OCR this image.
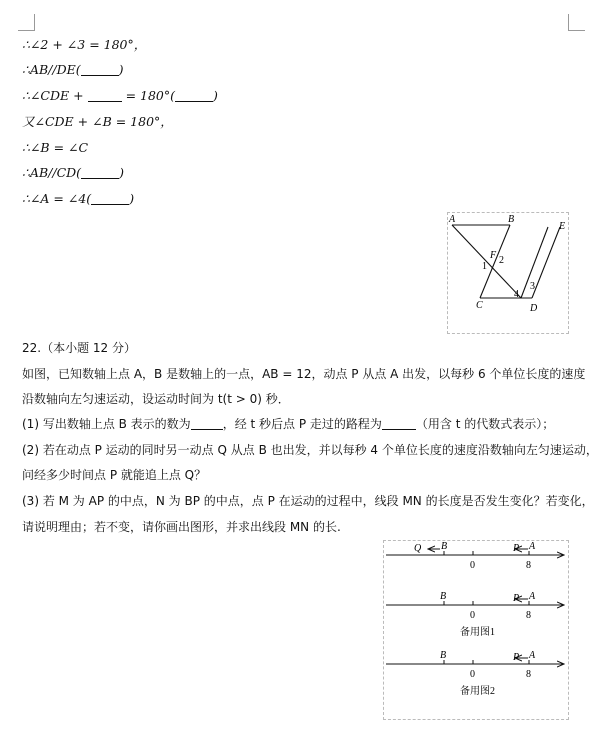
∴∠2 + ∠3 = 180°，
∴AB//DE(	)
∴∠CDE +	= 180°(	)
又∠CDE + ∠B = 180°，
∴∠B = ∠C
∴AB//CD(	)
∴∠A = ∠4(	)
A	B
E
F
C	D
1
2
3
4
22.（本小题 12 分）
如图，已知数轴上点 A，B 是数轴上的一点，AB = 12，动点 P 从点 A 出发，以每秒 6 个单位长度的速度
沿数轴向左匀速运动，设运动时间为 t(t > 0) 秒．
(1) 写出数轴上点 B 表示的数为	，经 t 秒后点 P 走过的路程为	（用含 t 的代数式表示）；
(2) 若在动点 P 运动的同时另一动点 Q 从点 B 也出发，并以每秒 4 个单位长度的速度沿数轴向左匀速运动，
问经多少时间点 P 就能追上点 Q？
(3) 若 M 为 AP 的中点，N 为 BP 的中点，点 P 在运动的过程中，线段 MN 的长度是否发生变化？若变化，
请说明理由；若不变，请你画出图形，并求出线段 MN 的长.
Q B	P A
0	8
B	P A
0	8
备用图1
B	P A
0	8
备用图2
